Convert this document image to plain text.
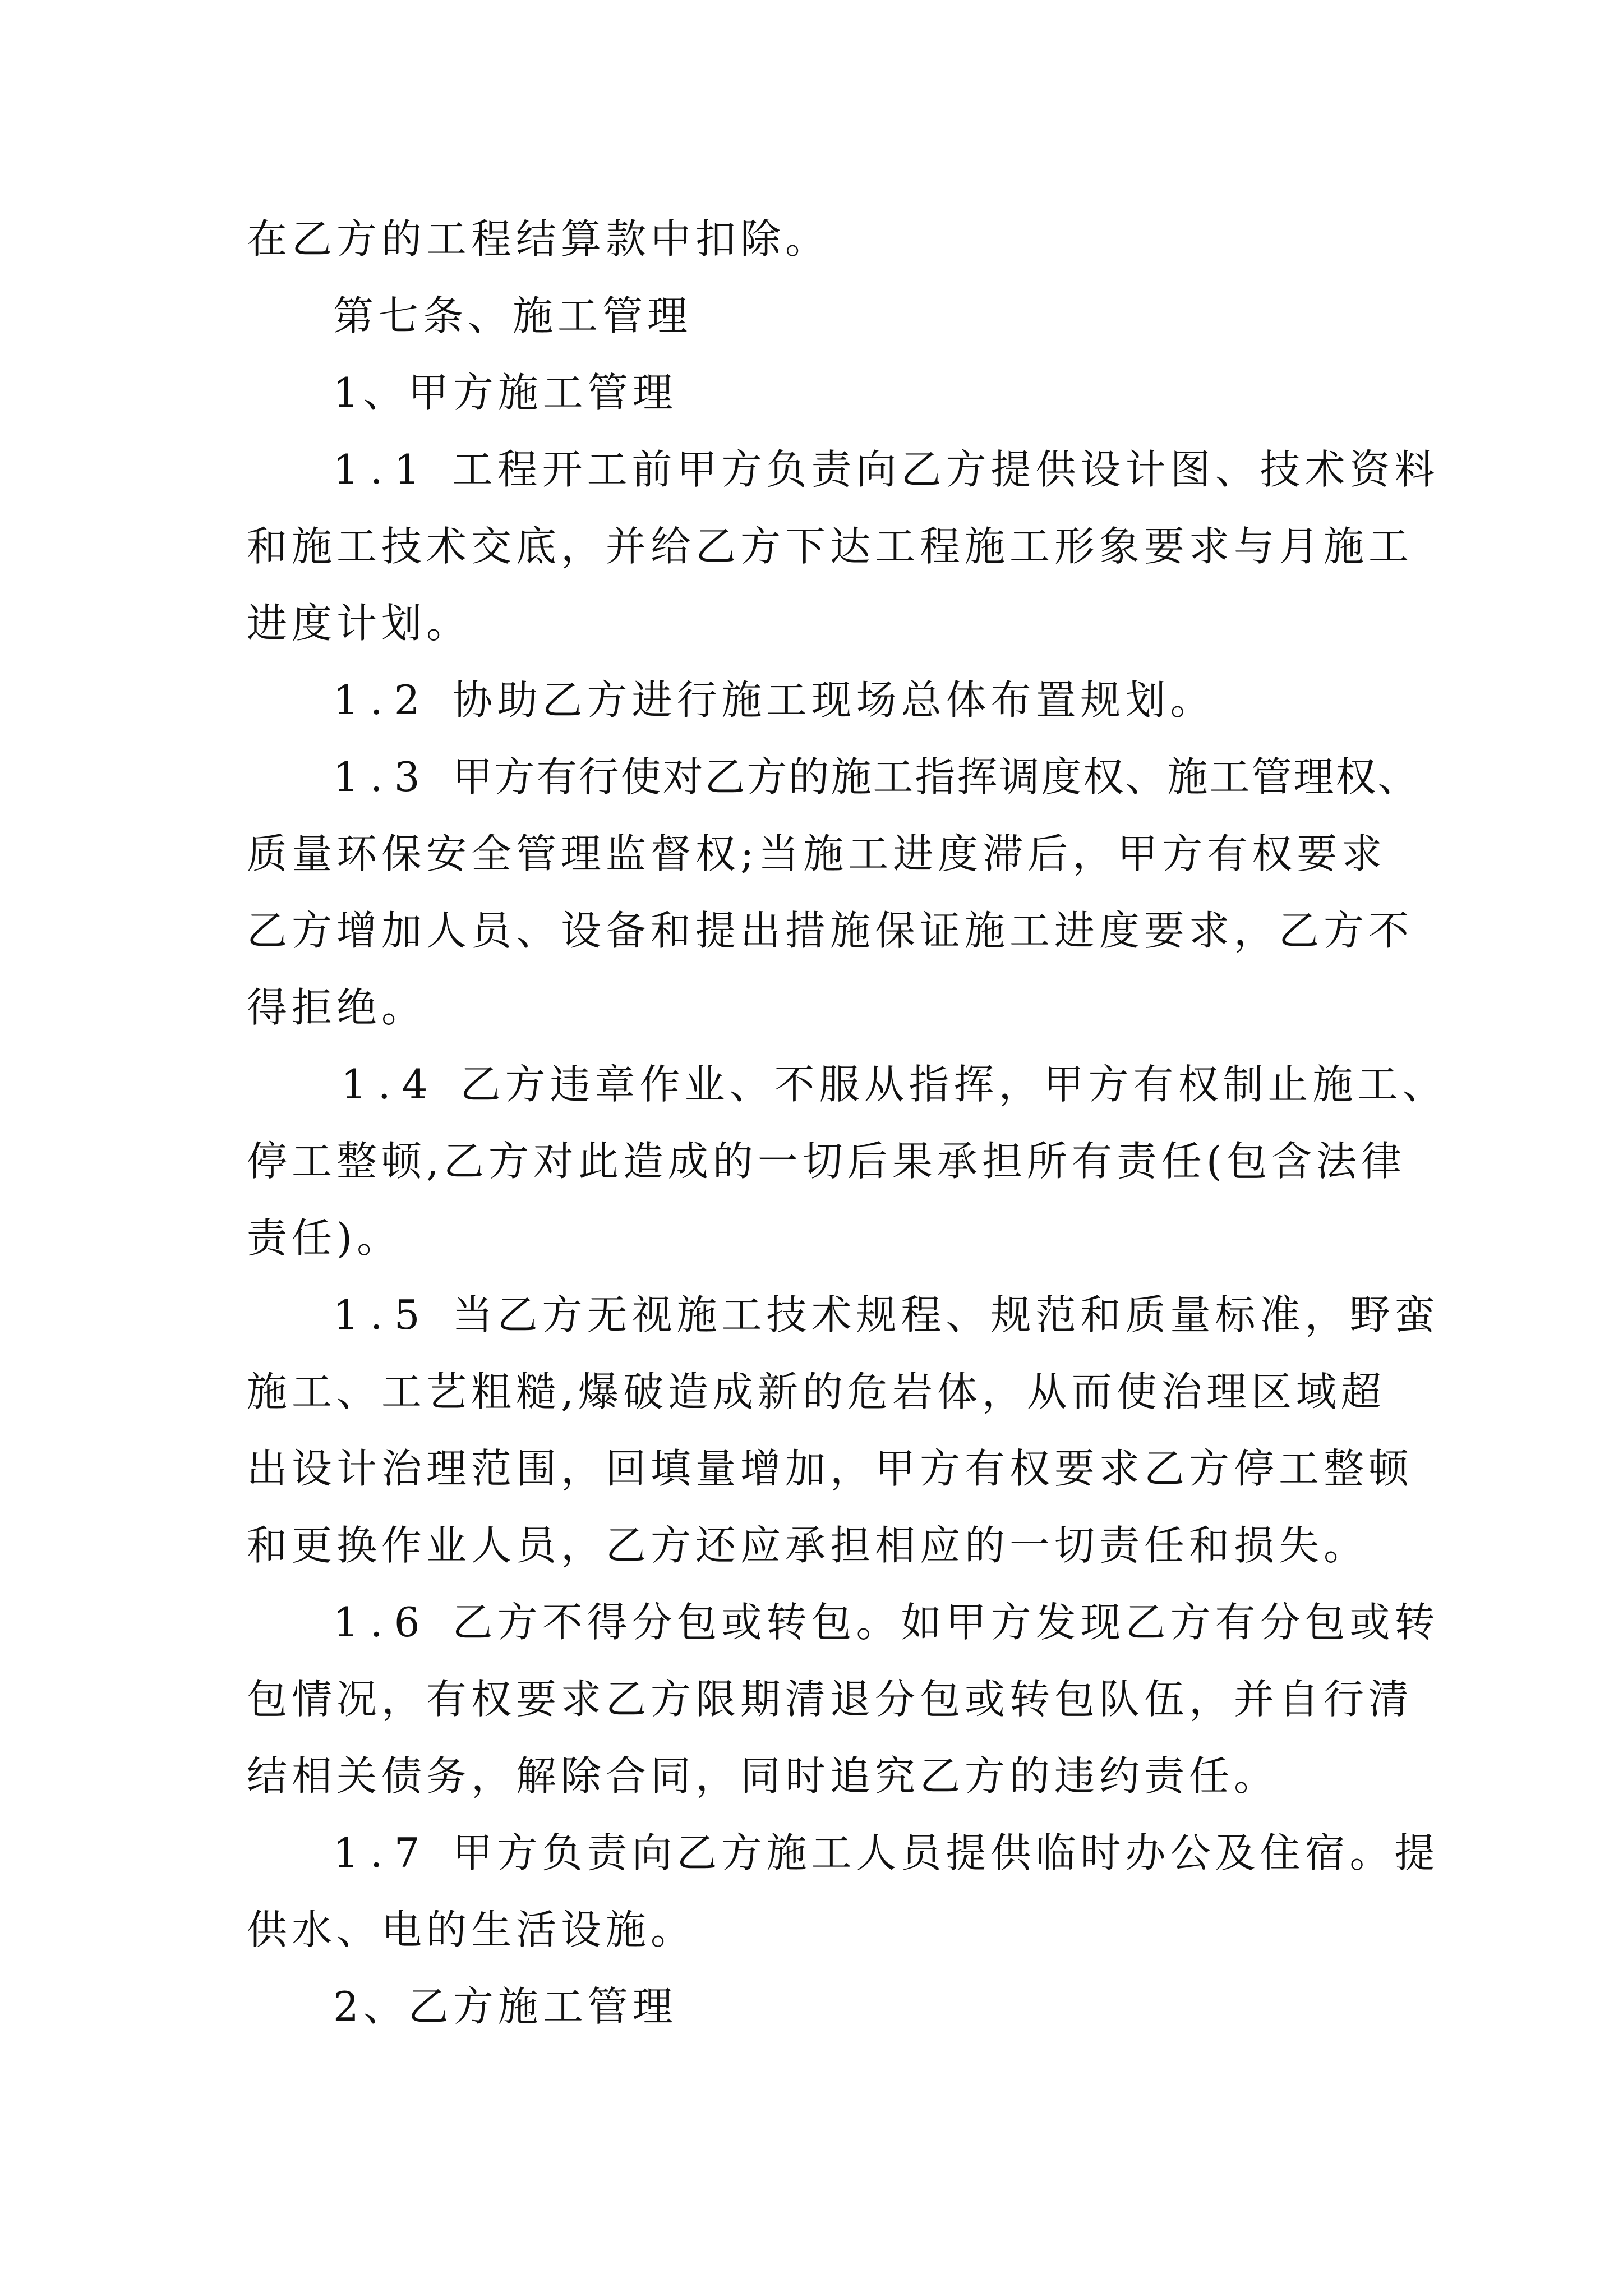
在乙方的工程结算款中扣除。

第七条、施工管理

1、甲方施工管理

1.1 工程开工前甲方负责向乙方提供设计图、技术资料

和施工技术交底，并给乙方下达工程施工形象要求与月施工

进度计划。

1.2 协助乙方进行施工现场总体布置规划。

1.3 甲方有行使对乙方的施工指挥调度权、施工管理权、

质量环保安全管理监督权;当施工进度滞后，甲方有权要求

乙方增加人员、设备和提出措施保证施工进度要求，乙方不

得拒绝。

1.4 乙方违章作业、不服从指挥，甲方有权制止施工、

停工整顿,乙方对此造成的一切后果承担所有责任(包含法律

责任)。

1.5 当乙方无视施工技术规程、规范和质量标准，野蛮

施工、工艺粗糙,爆破造成新的危岩体，从而使治理区域超

出设计治理范围，回填量增加，甲方有权要求乙方停工整顿

和更换作业人员，乙方还应承担相应的一切责任和损失。

1.6 乙方不得分包或转包。如甲方发现乙方有分包或转

包情况，有权要求乙方限期清退分包或转包队伍，并自行清

结相关债务，解除合同，同时追究乙方的违约责任。

1.7 甲方负责向乙方施工人员提供临时办公及住宿。提

供水、电的生活设施。

2、乙方施工管理
